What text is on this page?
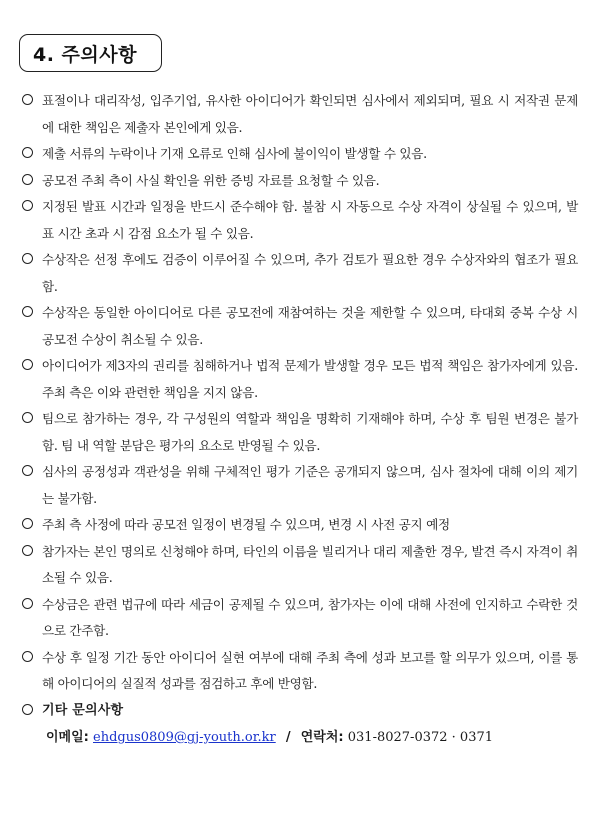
4. 주의사항
표절이나 대리작성, 입주기업, 유사한 아이디어가 확인되면 심사에서 제외되며, 필요 시 저작권 문제에 대한 책임은 제출자 본인에게 있음.
제출 서류의 누락이나 기재 오류로 인해 심사에 불이익이 발생할 수 있음.
공모전 주최 측이 사실 확인을 위한 증빙 자료를 요청할 수 있음.
지정된 발표 시간과 일정을 반드시 준수해야 함. 불참 시 자동으로 수상 자격이 상실될 수 있으며, 발표 시간 초과 시 감점 요소가 될 수 있음.
수상작은 선정 후에도 검증이 이루어질 수 있으며, 추가 검토가 필요한 경우 수상자와의 협조가 필요함.
수상작은 동일한 아이디어로 다른 공모전에 재참여하는 것을 제한할 수 있으며, 타대회 중복 수상 시 공모전 수상이 취소될 수 있음.
아이디어가 제3자의 권리를 침해하거나 법적 문제가 발생할 경우 모든 법적 책임은 참가자에게 있음. 주최 측은 이와 관련한 책임을 지지 않음.
팀으로 참가하는 경우, 각 구성원의 역할과 책임을 명확히 기재해야 하며, 수상 후 팀원 변경은 불가함. 팀 내 역할 분담은 평가의 요소로 반영될 수 있음.
심사의 공정성과 객관성을 위해 구체적인 평가 기준은 공개되지 않으며, 심사 절차에 대해 이의 제기는 불가함.
주최 측 사정에 따라 공모전 일정이 변경될 수 있으며, 변경 시 사전 공지 예정
참가자는 본인 명의로 신청해야 하며, 타인의 이름을 빌리거나 대리 제출한 경우, 발견 즉시 자격이 취소될 수 있음.
수상금은 관련 법규에 따라 세금이 공제될 수 있으며, 참가자는 이에 대해 사전에 인지하고 수락한 것으로 간주함.
수상 후 일정 기간 동안 아이디어 실현 여부에 대해 주최 측에 성과 보고를 할 의무가 있으며, 이를 통해 아이디어의 실질적 성과를 점검하고 후에 반영함.
기타 문의사항
이메일: ehdgus0809@gj-youth.or.kr / 연락처: 031-8027-0372 · 0371
